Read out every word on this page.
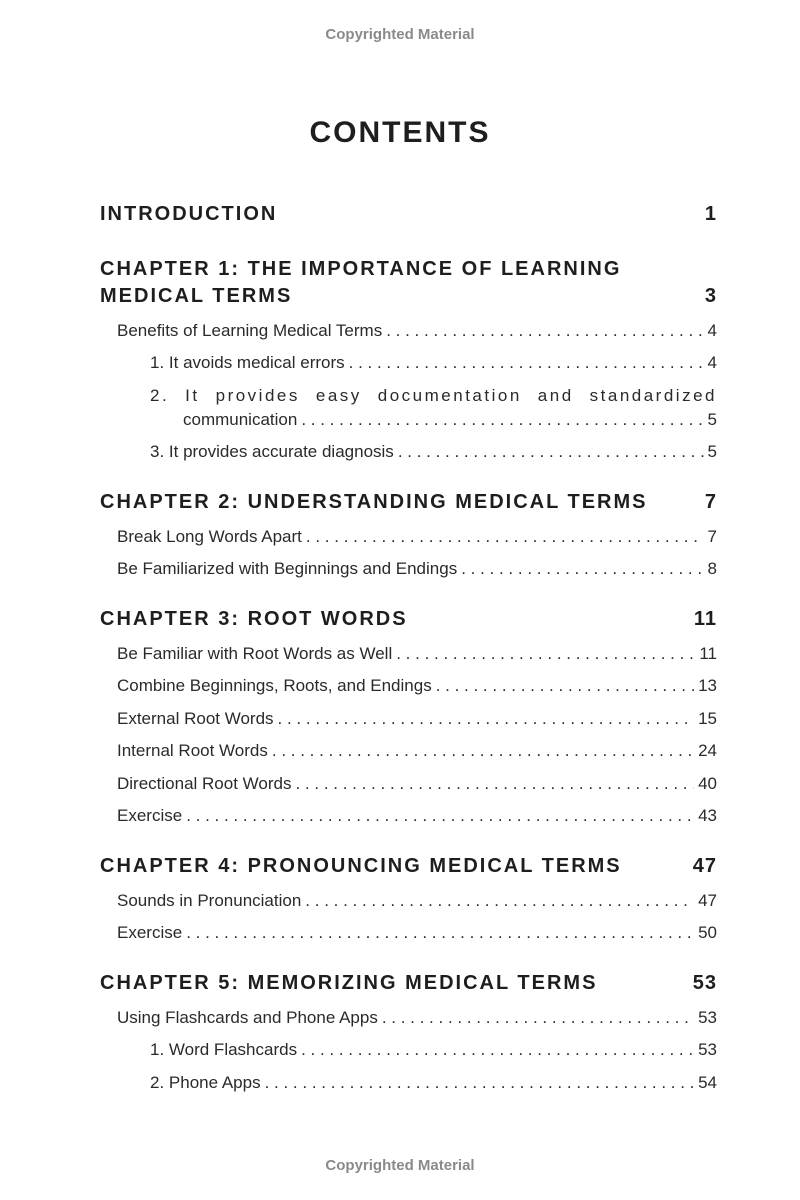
Copyrighted Material
CONTENTS
INTRODUCTION	1
CHAPTER 1: THE IMPORTANCE OF LEARNING
MEDICAL TERMS	3
Benefits of Learning Medical Terms . . .	4
1. It avoids medical errors . . .	4
2. It provides easy documentation and standardized
communication . . .	5
3. It provides accurate diagnosis . . .	5
CHAPTER 2: UNDERSTANDING MEDICAL TERMS	7
Break Long Words Apart . . .	7
Be Familiarized with Beginnings and Endings . . .	8
CHAPTER 3: ROOT WORDS	11
Be Familiar with Root Words as Well . . .	11
Combine Beginnings, Roots, and Endings . . .	13
External Root Words . . .	15
Internal Root Words . . .	24
Directional Root Words . . .	40
Exercise . . .	43
CHAPTER 4: PRONOUNCING MEDICAL TERMS	47
Sounds in Pronunciation . . .	47
Exercise . . .	50
CHAPTER 5: MEMORIZING MEDICAL TERMS	53
Using Flashcards and Phone Apps . . .	53
1. Word Flashcards . . .	53
2. Phone Apps . . .	54
Copyrighted Material
